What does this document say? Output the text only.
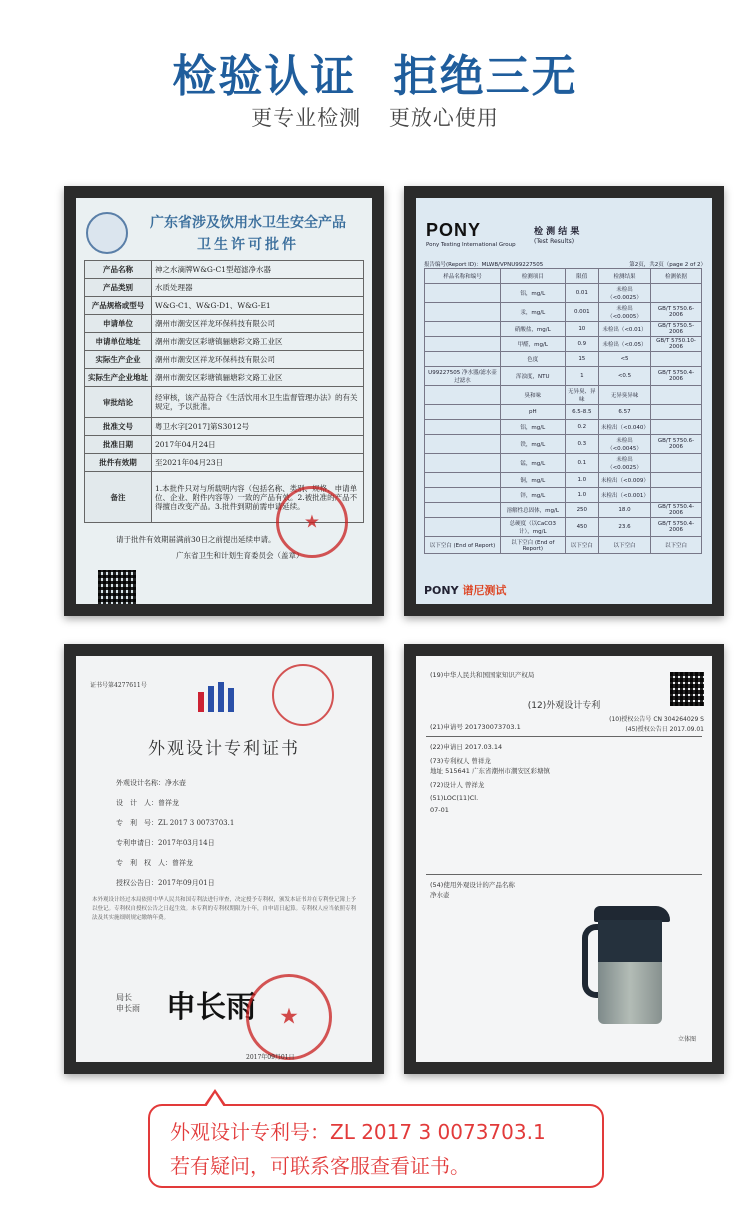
检验认证 拒绝三无
更专业检测 更放心使用
广东省涉及饮用水卫生安全产品
卫生许可批件
产品名称	神之水滴牌W&G-C1型超滤净水器
产品类别	水质处理器
产品规格或型号	W&G-C1、W&G-D1、W&G-E1
申请单位	潮州市潮安区祥龙环保科技有限公司
申请单位地址	潮州市潮安区彩塘镇骊塘彩文路工业区
实际生产企业	潮州市潮安区祥龙环保科技有限公司
实际生产企业地址	潮州市潮安区彩塘镇骊塘彩文路工业区
审批结论	经审核，该产品符合《生活饮用水卫生监督管理办法》的有关规定，予以批准。
批准文号	粤卫水字[2017]第S3012号
批准日期	2017年04月24日
批件有效期	至2021年04月23日
备注	1.本批件只对与所载明内容（包括名称、类别、规格、申请单位、企业、附件内容等）一致的产品有效。2.被批准的产品不得擅自改变产品。3.批件到期前需申请延续。
请于批件有效期届满前30日之前提出延续申请。
广东省卫生和计划生育委员会（盖章）
★
PONY
Pony Testing International Group
检 测 结 果
(Test Results)
报告编号(Report ID)：MLWB/VPNU99227505	第2页，共2页（page 2 of 2）
样品名称和编号	检测项目	限值	检测结果	检测依据
	铝，mg/L	0.01	未检出（<0.0025）	
	汞，mg/L	0.001	未检出（<0.0005）	GB/T 5750.6-2006
	硝酸盐，mg/L	10	未检出（<0.01）	GB/T 5750.5-2006
	甲醛，mg/L	0.9	未检出（<0.05）	GB/T 5750.10-2006
	色度	15	<5	
U99227505 净水器/滤水壶过滤水	浑浊度，NTU	1	<0.5	GB/T 5750.4-2006
	臭和味	无异臭、异味	无异臭异味	
	pH	6.5-8.5	6.57	
	铝，mg/L	0.2	未检出（<0.040）	
	铁，mg/L	0.3	未检出（<0.0045）	GB/T 5750.6-2006
	锰，mg/L	0.1	未检出（<0.0025）	
	铜，mg/L	1.0	未检出（<0.009）	
	锌，mg/L	1.0	未检出（<0.001）	
	溶解性总固体，mg/L	250	18.0	GB/T 5750.4-2006
	总硬度（以CaCO3计），mg/L	450	23.6	GB/T 5750.4-2006
以下空白 (End of Report)	以下空白 (End of Report)	以下空白	以下空白	以下空白
PONY 谱尼测试
证书号第4277611号
外观设计专利证书
外观设计名称：净水壶
设　计　人：曾祥龙
专　利　号：ZL 2017 3 0073703.1
专利申请日：2017年03月14日
专　利　权　人：曾祥龙
授权公告日：2017年09月01日
本外观设计经过本局依照中华人民共和国专利法进行审查，决定授予专利权，颁发本证书并在专利登记簿上予以登记。专利权自授权公告之日起生效。本专利的专利权期限为十年，自申请日起算。专利权人应当依照专利法及其实施细则规定缴纳年费。
局长
申长雨 申长雨 ★
2017年09月01日
(19)中华人民共和国国家知识产权局
(12)外观设计专利
(10)授权公告号 CN 304264029 S
(45)授权公告日 2017.09.01
(21)申请号 201730073703.1
(22)申请日 2017.03.14
(73)专利权人 曾祥龙
地址 515641 广东省潮州市潮安区彩塘镇
(72)设计人 曾祥龙
(51)LOC(11)Cl.
07-01
(54)使用外观设计的产品名称
净水壶
立体图
外观设计专利号：ZL 2017 3 0073703.1
若有疑问，可联系客服查看证书。
